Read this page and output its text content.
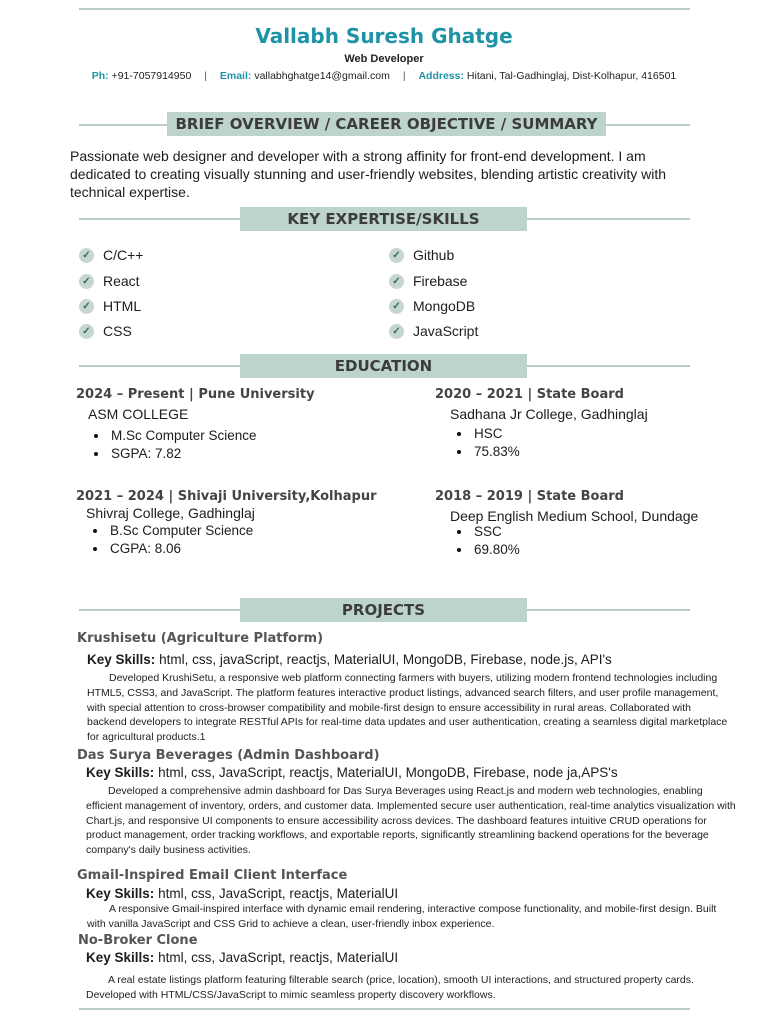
Vallabh Suresh Ghatge
Web Developer
Ph: +91-7057914950 | Email: vallabhghatge14@gmail.com | Address: Hitani, Tal-Gadhinglaj, Dist-Kolhapur, 416501
BRIEF OVERVIEW / CAREER OBJECTIVE / SUMMARY
Passionate web designer and developer with a strong affinity for front-end development. I am dedicated to creating visually stunning and user-friendly websites, blending artistic creativity with technical expertise.
KEY EXPERTISE/SKILLS
✓ C/C++
✓ React
✓ HTML
✓ CSS
✓ Github
✓ Firebase
✓ MongoDB
✓ JavaScript
EDUCATION
2024 – Present | Pune University
ASM COLLEGE
M.Sc Computer Science
SGPA: 7.82
2020 – 2021 | State Board
Sadhana Jr College, Gadhinglaj
HSC
75.83%
2021 – 2024 | Shivaji University,Kolhapur
Shivraj College, Gadhinglaj
B.Sc Computer Science
CGPA: 8.06
2018 – 2019 | State Board
Deep English Medium School, Dundage
SSC
69.80%
PROJECTS
Krushisetu (Agriculture Platform)
Key Skills: html, css, javaScript, reactjs, MaterialUI, MongoDB, Firebase, node.js, API's
Developed KrushiSetu, a responsive web platform connecting farmers with buyers, utilizing modern frontend technologies including HTML5, CSS3, and JavaScript. The platform features interactive product listings, advanced search filters, and user profile management, with special attention to cross-browser compatibility and mobile-first design to ensure accessibility in rural areas. Collaborated with backend developers to integrate RESTful APIs for real-time data updates and user authentication, creating a seamless digital marketplace for agricultural products.1
Das Surya Beverages (Admin Dashboard)
Key Skills: html, css, JavaScript, reactjs, MaterialUI, MongoDB, Firebase, node ja,APS's
Developed a comprehensive admin dashboard for Das Surya Beverages using React.js and modern web technologies, enabling efficient management of inventory, orders, and customer data. Implemented secure user authentication, real-time analytics visualization with Chart.js, and responsive UI components to ensure accessibility across devices. The dashboard features intuitive CRUD operations for product management, order tracking workflows, and exportable reports, significantly streamlining backend operations for the beverage company's daily business activities.
Gmail-Inspired Email Client Interface
Key Skills: html, css, JavaScript, reactjs, MaterialUI
A responsive Gmail-inspired interface with dynamic email rendering, interactive compose functionality, and mobile-first design. Built with vanilla JavaScript and CSS Grid to achieve a clean, user-friendly inbox experience.
No-Broker Clone
Key Skills: html, css, JavaScript, reactjs, MaterialUI
A real estate listings platform featuring filterable search (price, location), smooth UI interactions, and structured property cards. Developed with HTML/CSS/JavaScript to mimic seamless property discovery workflows.
